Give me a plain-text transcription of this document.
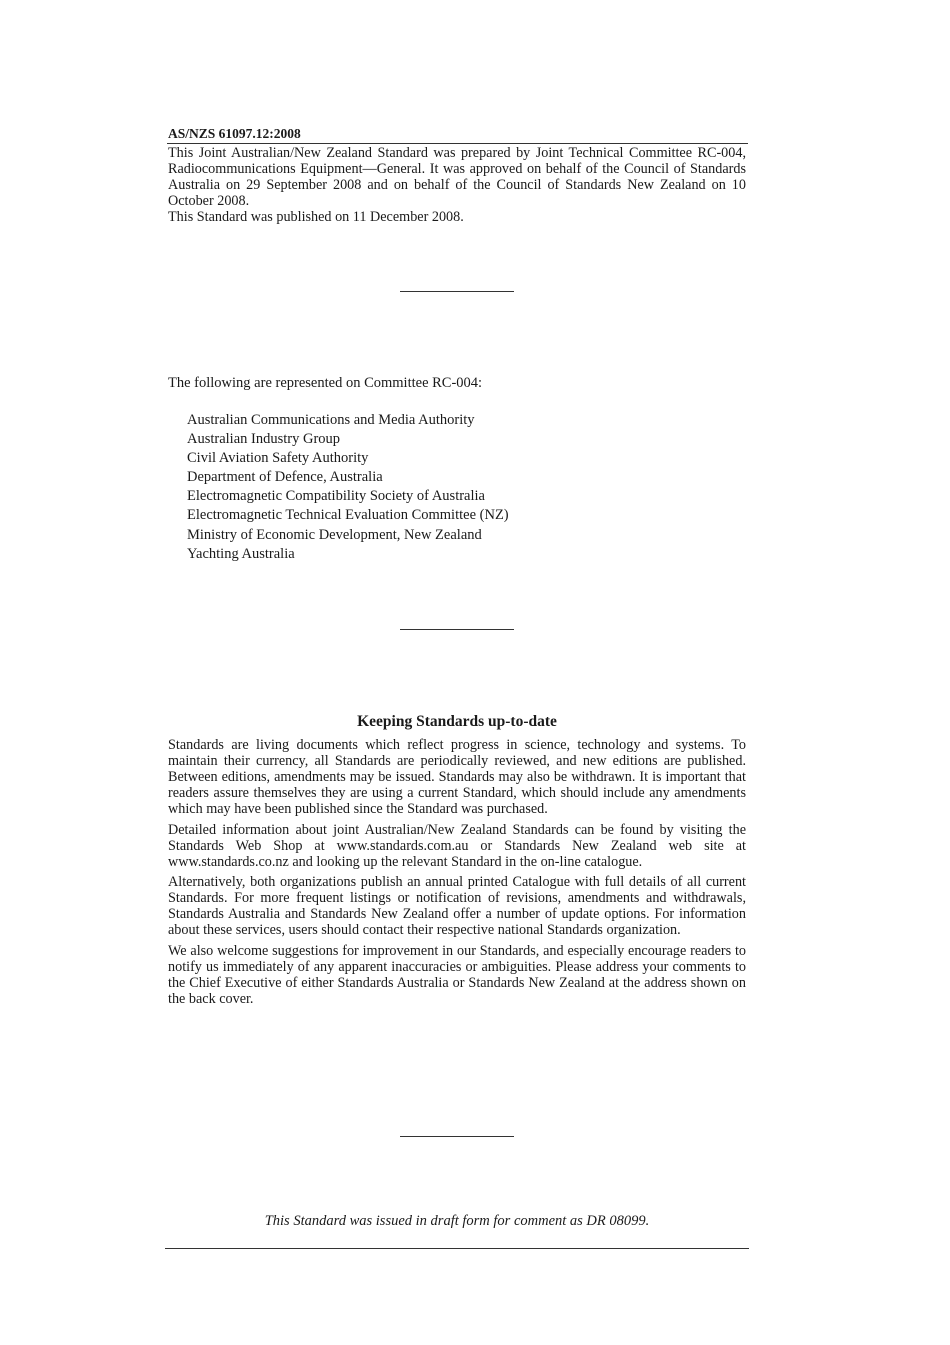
AS/NZS 61097.12:2008

This Joint Australian/New Zealand Standard was prepared by Joint Technical Committee RC-004, Radiocommunications Equipment—General. It was approved on behalf of the Council of Standards Australia on 29 September 2008 and on behalf of the Council of Standards New Zealand on 10 October 2008.

This Standard was published on 11 December 2008.

The following are represented on Committee RC-004:

Australian Communications and Media Authority
Australian Industry Group
Civil Aviation Safety Authority
Department of Defence, Australia
Electromagnetic Compatibility Society of Australia
Electromagnetic Technical Evaluation Committee (NZ)
Ministry of Economic Development, New Zealand
Yachting Australia
Keeping Standards up-to-date

Standards are living documents which reflect progress in science, technology and systems. To maintain their currency, all Standards are periodically reviewed, and new editions are published. Between editions, amendments may be issued. Standards may also be withdrawn. It is important that readers assure themselves they are using a current Standard, which should include any amendments which may have been published since the Standard was purchased.

Detailed information about joint Australian/New Zealand Standards can be found by visiting the Standards Web Shop at www.standards.com.au or Standards New Zealand web site at www.standards.co.nz and looking up the relevant Standard in the on-line catalogue.

Alternatively, both organizations publish an annual printed Catalogue with full details of all current Standards. For more frequent listings or notification of revisions, amendments and withdrawals, Standards Australia and Standards New Zealand offer a number of update options. For information about these services, users should contact their respective national Standards organization.

We also welcome suggestions for improvement in our Standards, and especially encourage readers to notify us immediately of any apparent inaccuracies or ambiguities. Please address your comments to the Chief Executive of either Standards Australia or Standards New Zealand at the address shown on the back cover.

This Standard was issued in draft form for comment as DR 08099.
